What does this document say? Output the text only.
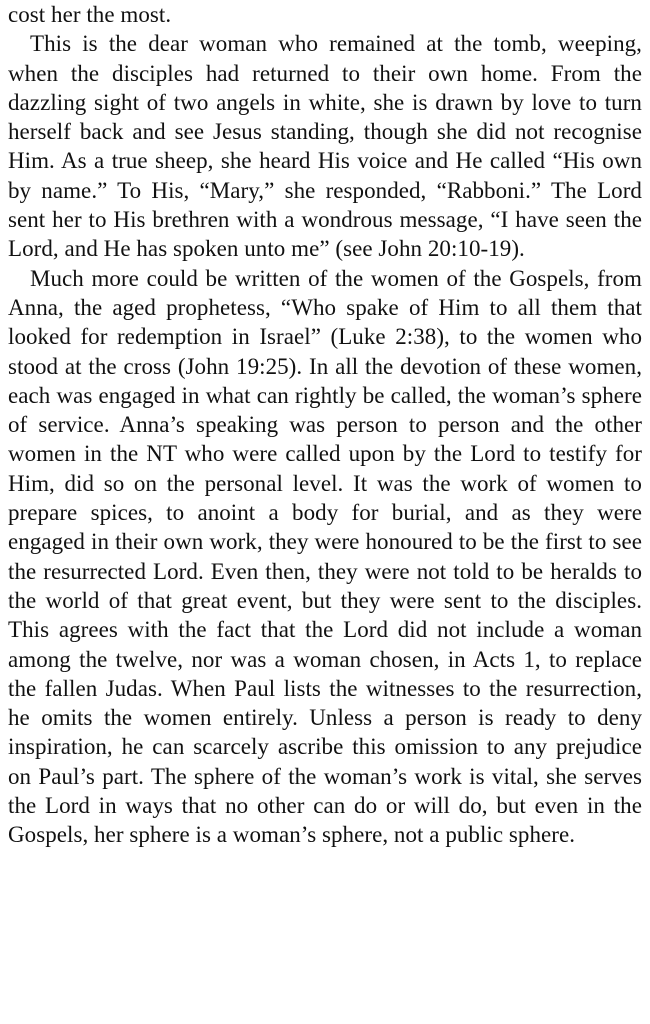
cost her the most.

This is the dear woman who remained at the tomb, weeping, when the disciples had returned to their own home. From the dazzling sight of two angels in white, she is drawn by love to turn herself back and see Jesus standing, though she did not recognise Him. As a true sheep, she heard His voice and He called “His own by name.” To His, “Mary,” she responded, “Rabboni.” The Lord sent her to His brethren with a wondrous message, “I have seen the Lord, and He has spoken unto me” (see John 20:10-19).

Much more could be written of the women of the Gospels, from Anna, the aged prophetess, “Who spake of Him to all them that looked for redemption in Israel” (Luke 2:38), to the women who stood at the cross (John 19:25). In all the devotion of these women, each was engaged in what can rightly be called, the woman’s sphere of service. Anna’s speaking was person to person and the other women in the NT who were called upon by the Lord to testify for Him, did so on the personal level. It was the work of women to prepare spices, to anoint a body for burial, and as they were engaged in their own work, they were honoured to be the first to see the resurrected Lord. Even then, they were not told to be heralds to the world of that great event, but they were sent to the disciples. This agrees with the fact that the Lord did not include a woman among the twelve, nor was a woman chosen, in Acts 1, to replace the fallen Judas. When Paul lists the witnesses to the resurrection, he omits the women entirely. Unless a person is ready to deny inspiration, he can scarcely ascribe this omission to any prejudice on Paul’s part. The sphere of the woman’s work is vital, she serves the Lord in ways that no other can do or will do, but even in the Gospels, her sphere is a woman’s sphere, not a public sphere.
